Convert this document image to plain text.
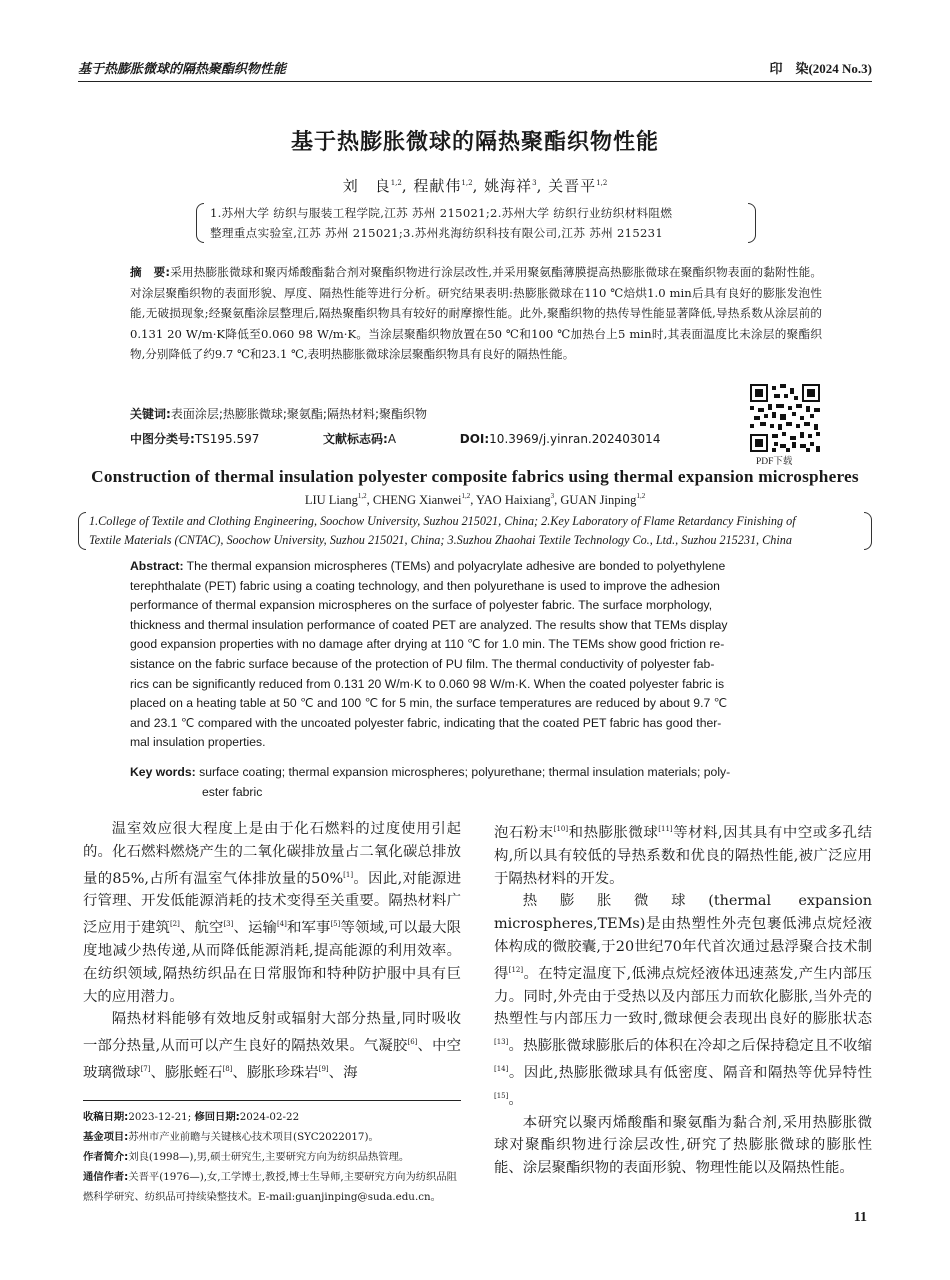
基于热膨胀微球的隔热聚酯织物性能	印　染(2024 No.3)
基于热膨胀微球的隔热聚酯织物性能
刘　良$^{1,2}$, 程献伟$^{1,2}$, 姚海祥$^3$, 关晋平$^{1,2}$

1.苏州大学 纺织与服装工程学院,江苏 苏州 215021;2.苏州大学 纺织行业纺织材料阻燃

整理重点实验室,江苏 苏州 215021;3.苏州兆海纺织科技有限公司,江苏 苏州 215231

摘　要:采用热膨胀微球和聚丙烯酸酯黏合剂对聚酯织物进行涂层改性,并采用聚氨酯薄膜提高热膨胀微球在聚酯织物表面的黏附性能。对涂层聚酯织物的表面形貌、厚度、隔热性能等进行分析。研究结果表明:热膨胀微球在110 ℃焙烘1.0 min后具有良好的膨胀发泡性能,无破损现象;经聚氨酯涂层整理后,隔热聚酯织物具有较好的耐摩擦性能。此外,聚酯织物的热传导性能显著降低,导热系数从涂层前的0.131 20 W/m·K降低至0.060 98 W/m·K。当涂层聚酯织物放置在50 ℃和100 ℃加热台上5 min时,其表面温度比未涂层的聚酯织物,分别降低了约9.7 ℃和23.1 ℃,表明热膨胀微球涂层聚酯织物具有良好的隔热性能。
关键词:表面涂层;热膨胀微球;聚氨酯;隔热材料;聚酯织物
中图分类号:TS195.597	文献标志码:A	DOI:10.3969/j.yinran.202403014
PDF下载
Construction of thermal insulation polyester composite fabrics using thermal expansion microspheres
LIU Liang$^{1,2}$, CHENG Xianwei$^{1,2}$, YAO Haixiang$^3$, GUAN Jinping$^{1,2}$

1.College of Textile and Clothing Engineering, Soochow University, Suzhou 215021, China; 2.Key Laboratory of Flame Retardancy Finishing of

Textile Materials (CNTAC), Soochow University, Suzhou 215021, China; 3.Suzhou Zhaohai Textile Technology Co., Ltd., Suzhou 215231, China

Abstract: The thermal expansion microspheres (TEMs) and polyacrylate adhesive are bonded to polyethylene

terephthalate (PET) fabric using a coating technology, and then polyurethane is used to improve the adhesion

performance of thermal expansion microspheres on the surface of polyester fabric. The surface morphology,

thickness and thermal insulation performance of coated PET are analyzed. The results show that TEMs display

good expansion properties with no damage after drying at 110 ℃ for 1.0 min. The TEMs show good friction re-

sistance on the fabric surface because of the protection of PU film. The thermal conductivity of polyester fab-

rics can be significantly reduced from 0.131 20 W/m·K to 0.060 98 W/m·K. When the coated polyester fabric is

placed on a heating table at 50 ℃ and 100 ℃ for 5 min, the surface temperatures are reduced by about 9.7 ℃

and 23.1 ℃ compared with the uncoated polyester fabric, indicating that the coated PET fabric has good ther-

mal insulation properties.

Key words: surface coating; thermal expansion microspheres; polyurethane; thermal insulation materials; poly-

ester fabric

温室效应很大程度上是由于化石燃料的过度使用引起的。化石燃料燃烧产生的二氧化碳排放量占二氧化碳总排放量的85%,占所有温室气体排放量的50%[1]。因此,对能源进行管理、开发低能源消耗的技术变得至关重要。隔热材料广泛应用于建筑[2]、航空[3]、运输[4]和军事[5]等领域,可以最大限度地减少热传递,从而降低能源消耗,提高能源的利用效率。在纺织领域,隔热纺织品在日常服饰和特种防护服中具有巨大的应用潜力。

隔热材料能够有效地反射或辐射大部分热量,同时吸收一部分热量,从而可以产生良好的隔热效果。气凝胶[6]、中空玻璃微球[7]、膨胀蛭石[8]、膨胀珍珠岩[9]、海

泡石粉末[10]和热膨胀微球[11]等材料,因其具有中空或多孔结构,所以具有较低的导热系数和优良的隔热性能,被广泛应用于隔热材料的开发。

热膨胀微球(thermal expansion microspheres,TEMs)是由热塑性外壳包裹低沸点烷烃液体构成的微胶囊,于20世纪70年代首次通过悬浮聚合技术制得[12]。在特定温度下,低沸点烷烃液体迅速蒸发,产生内部压力。同时,外壳由于受热以及内部压力而软化膨胀,当外壳的热塑性与内部压力一致时,微球便会表现出良好的膨胀状态[13]。热膨胀微球膨胀后的体积在冷却之后保持稳定且不收缩[14]。因此,热膨胀微球具有低密度、隔音和隔热等优异特性[15]。

本研究以聚丙烯酸酯和聚氨酯为黏合剂,采用热膨胀微球对聚酯织物进行涂层改性,研究了热膨胀微球的膨胀性能、涂层聚酯织物的表面形貌、物理性能以及隔热性能。

收稿日期:2023-12-21; 修回日期:2024-02-22

基金项目:苏州市产业前瞻与关键核心技术项目(SYC2022017)。

作者简介:刘良(1998—),男,硕士研究生,主要研究方向为纺织品热管理。

通信作者:关晋平(1976—),女,工学博士,教授,博士生导师,主要研究方向为纺织品阻燃科学研究、纺织品可持续染整技术。E-mail:guanjinping@suda.edu.cn。

11
